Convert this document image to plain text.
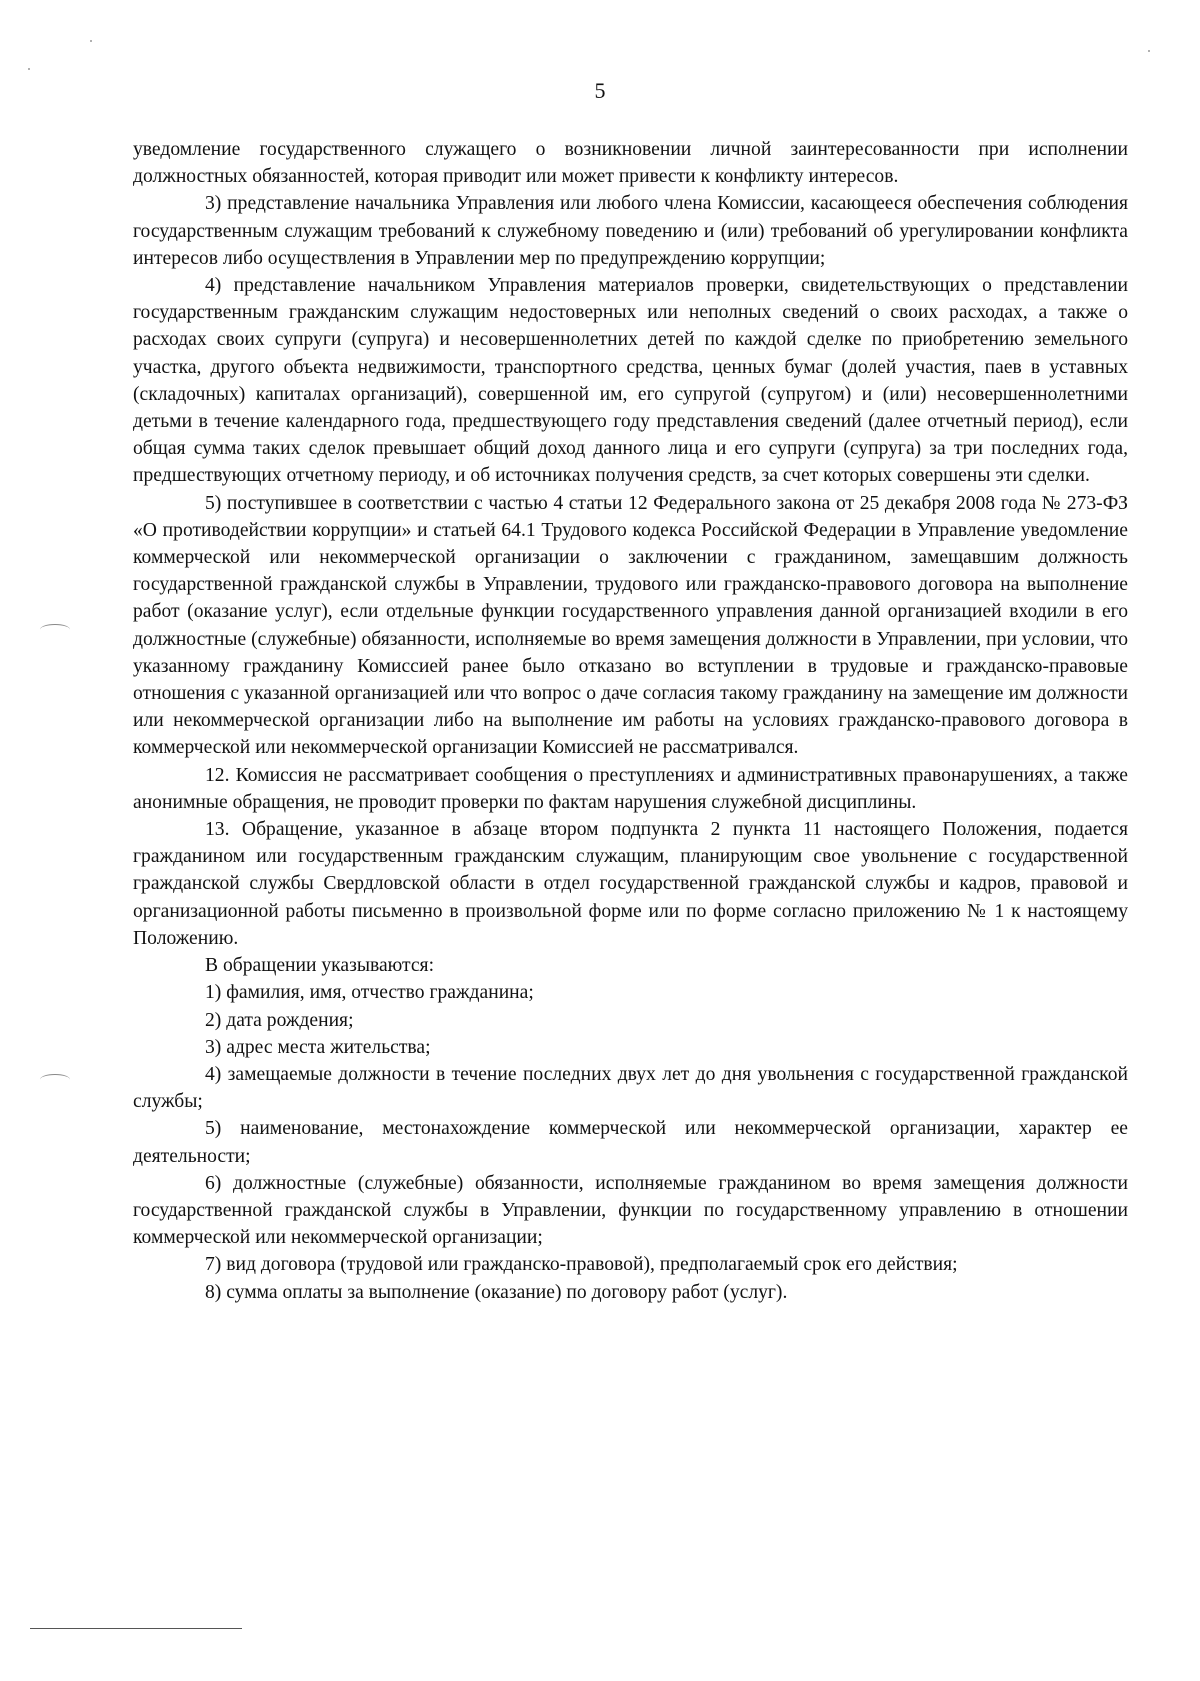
5

уведомление государственного служащего о возникновении личной заинтересованности при исполнении должностных обязанностей, которая приводит или может привести к конфликту интересов.

3) представление начальника Управления или любого члена Комиссии, касающееся обеспечения соблюдения государственным служащим требований к служебному поведению и (или) требований об урегулировании конфликта интересов либо осуществления в Управлении мер по предупреждению коррупции;

4) представление начальником Управления материалов проверки, свидетельствующих о представлении государственным гражданским служащим недостоверных или неполных сведений о своих расходах, а также о расходах своих супруги (супруга) и несовершеннолетних детей по каждой сделке по приобретению земельного участка, другого объекта недвижимости, транспортного средства, ценных бумаг (долей участия, паев в уставных (складочных) капиталах организаций), совершенной им, его супругой (супругом) и (или) несовершеннолетними детьми в течение календарного года, предшествующего году представления сведений (далее отчетный период), если общая сумма таких сделок превышает общий доход данного лица и его супруги (супруга) за три последних года, предшествующих отчетному периоду, и об источниках получения средств, за счет которых совершены эти сделки.

5) поступившее в соответствии с частью 4 статьи 12 Федерального закона от 25 декабря 2008 года № 273-ФЗ «О противодействии коррупции» и статьей 64.1 Трудового кодекса Российской Федерации в Управление уведомление коммерческой или некоммерческой организации о заключении с гражданином, замещавшим должность государственной гражданской службы в Управлении, трудового или гражданско-правового договора на выполнение работ (оказание услуг), если отдельные функции государственного управления данной организацией входили в его должностные (служебные) обязанности, исполняемые во время замещения должности в Управлении, при условии, что указанному гражданину Комиссией ранее было отказано во вступлении в трудовые и гражданско-правовые отношения с указанной организацией или что вопрос о даче согласия такому гражданину на замещение им должности или некоммерческой организации либо на выполнение им работы на условиях гражданско-правового договора в коммерческой или некоммерческой организации Комиссией не рассматривался.

12. Комиссия не рассматривает сообщения о преступлениях и административных правонарушениях, а также анонимные обращения, не проводит проверки по фактам нарушения служебной дисциплины.

13. Обращение, указанное в абзаце втором подпункта 2 пункта 11 настоящего Положения, подается гражданином или государственным гражданским служащим, планирующим свое увольнение с государственной гражданской службы Свердловской области в отдел государственной гражданской службы и кадров, правовой и организационной работы письменно в произвольной форме или по форме согласно приложению № 1 к настоящему Положению.

В обращении указываются:

1) фамилия, имя, отчество гражданина;

2) дата рождения;

3) адрес места жительства;

4) замещаемые должности в течение последних двух лет до дня увольнения с государственной гражданской службы;

5) наименование, местонахождение коммерческой или некоммерческой организации, характер ее деятельности;

6) должностные (служебные) обязанности, исполняемые гражданином во время замещения должности государственной гражданской службы в Управлении, функции по государственному управлению в отношении коммерческой или некоммерческой организации;

7) вид договора (трудовой или гражданско-правовой), предполагаемый срок его действия;

8) сумма оплаты за выполнение (оказание) по договору работ (услуг).
